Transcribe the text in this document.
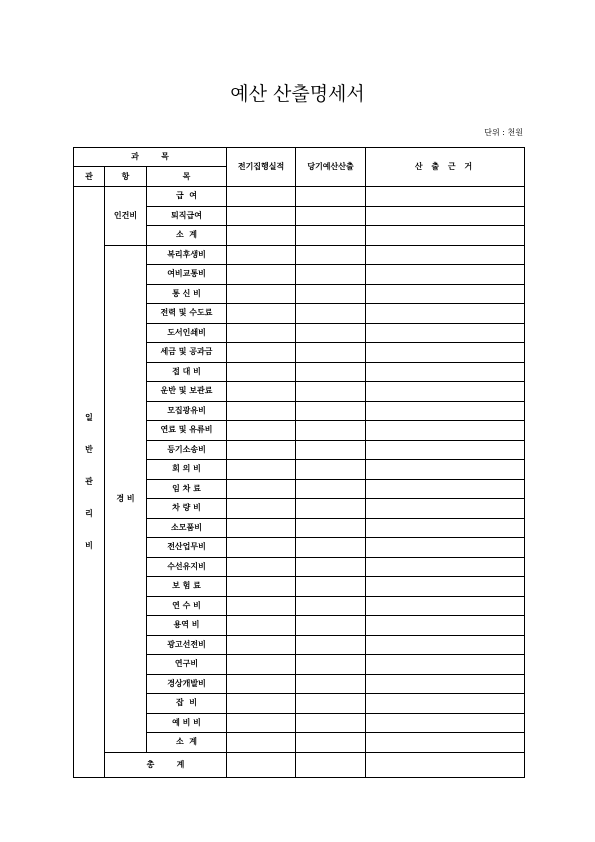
예산 산출명세서
단위 : 천원
과        목			전기집행실적	당기예산산출	산 출 근 거
관	항	목			

일
반
관
리
비	인건비	급  여			
		퇴직급여			
		소  계			
	경 비	복리후생비			
		여비교통비			
		통 신 비			
		전력 및 수도료			
		도서인쇄비			
		세금 및 공과금			
		접 대 비			
		운반 및 보관료			
		모집광유비			
		연료 및 유류비			
		등기소송비			
		회 의 비			
		임 차 료			
		차 량 비			
		소모품비			
		전산업무비			
		수선유지비			
		보 험 료			
		연 수 비			
		용역 비			
		광고선전비			
		연구비			
		경상개발비			
		잡  비			
		예 비 비			
		소  계			
	총        계				
